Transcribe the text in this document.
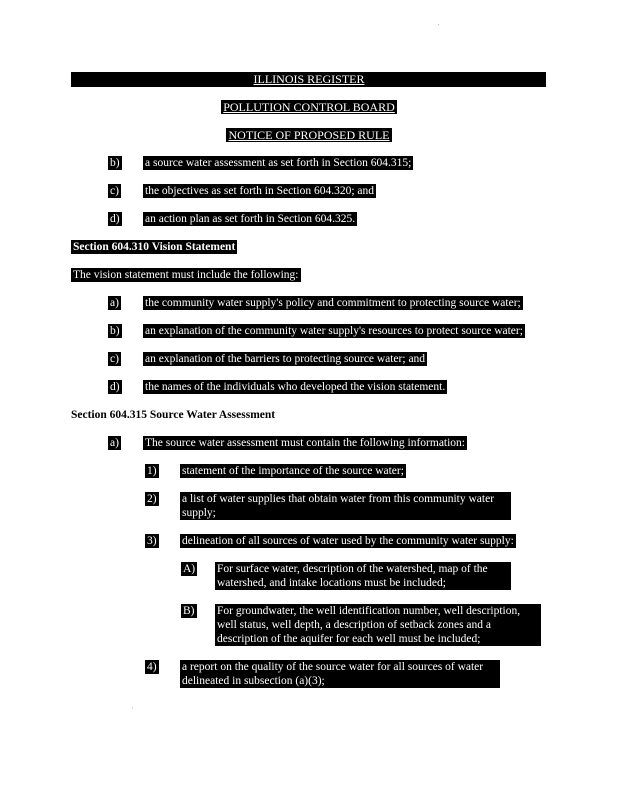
ILLINOIS REGISTER
POLLUTION CONTROL BOARD
NOTICE OF PROPOSED RULE
b) a source water assessment as set forth in Section 604.315;
c) the objectives as set forth in Section 604.320; and
d) an action plan as set forth in Section 604.325.
Section 604.310 Vision Statement
The vision statement must include the following:
a) the community water supply's policy and commitment to protecting source water;
b) an explanation of the community water supply's resources to protect source water;
c) an explanation of the barriers to protecting source water; and
d) the names of the individuals who developed the vision statement.
Section 604.315 Source Water Assessment
a) The source water assessment must contain the following information:
1) statement of the importance of the source water;
2) a list of water supplies that obtain water from this community water
supply;
3) delineation of all sources of water used by the community water supply:
A) For surface water, description of the watershed, map of the
watershed, and intake locations must be included;
B) For groundwater, the well identification number, well description,
well status, well depth, a description of setback zones and a
description of the aquifer for each well must be included;
4) a report on the quality of the source water for all sources of water
delineated in subsection (a)(3);
